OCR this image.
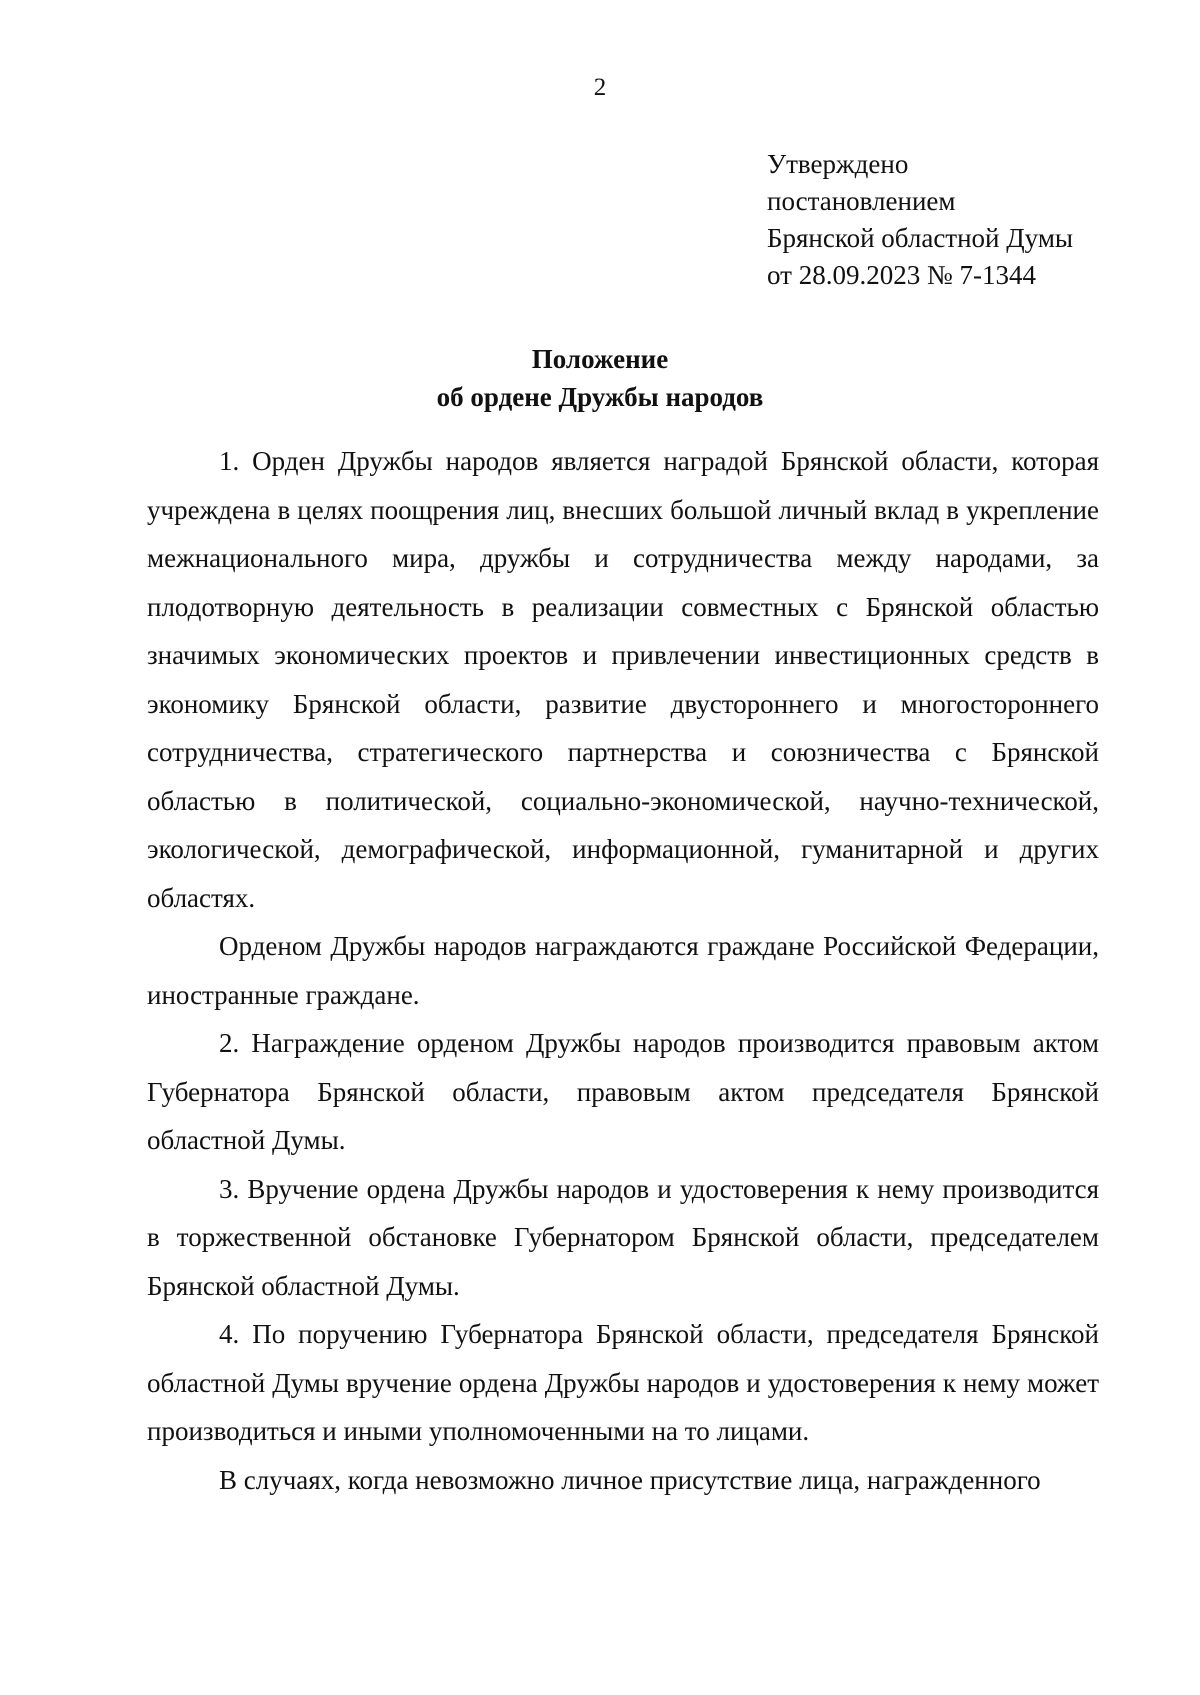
2
Утверждено
постановлением
Брянской областной Думы
от 28.09.2023 № 7-1344
Положение
об ордене Дружбы народов

1. Орден Дружбы народов является наградой Брянской области, которая учреждена в целях поощрения лиц, внесших большой личный вклад в укрепление межнационального мира, дружбы и сотрудничества между народами, за плодотворную деятельность в реализации совместных с Брянской областью значимых экономических проектов и привлечении инвестиционных средств в экономику Брянской области, развитие двустороннего и многостороннего сотрудничества, стратегического партнерства и союзничества с Брянской областью в политической, социально-экономической, научно-технической, экологической, демографической, информационной, гуманитарной и других областях.

Орденом Дружбы народов награждаются граждане Российской Федерации, иностранные граждане.

2. Награждение орденом Дружбы народов производится правовым актом Губернатора Брянской области, правовым актом председателя Брянской областной Думы.

3. Вручение ордена Дружбы народов и удостоверения к нему производится в торжественной обстановке Губернатором Брянской области, председателем Брянской областной Думы.

4. По поручению Губернатора Брянской области, председателя Брянской областной Думы вручение ордена Дружбы народов и удостоверения к нему может производиться и иными уполномоченными на то лицами.

В случаях, когда невозможно личное присутствие лица, награжденного
